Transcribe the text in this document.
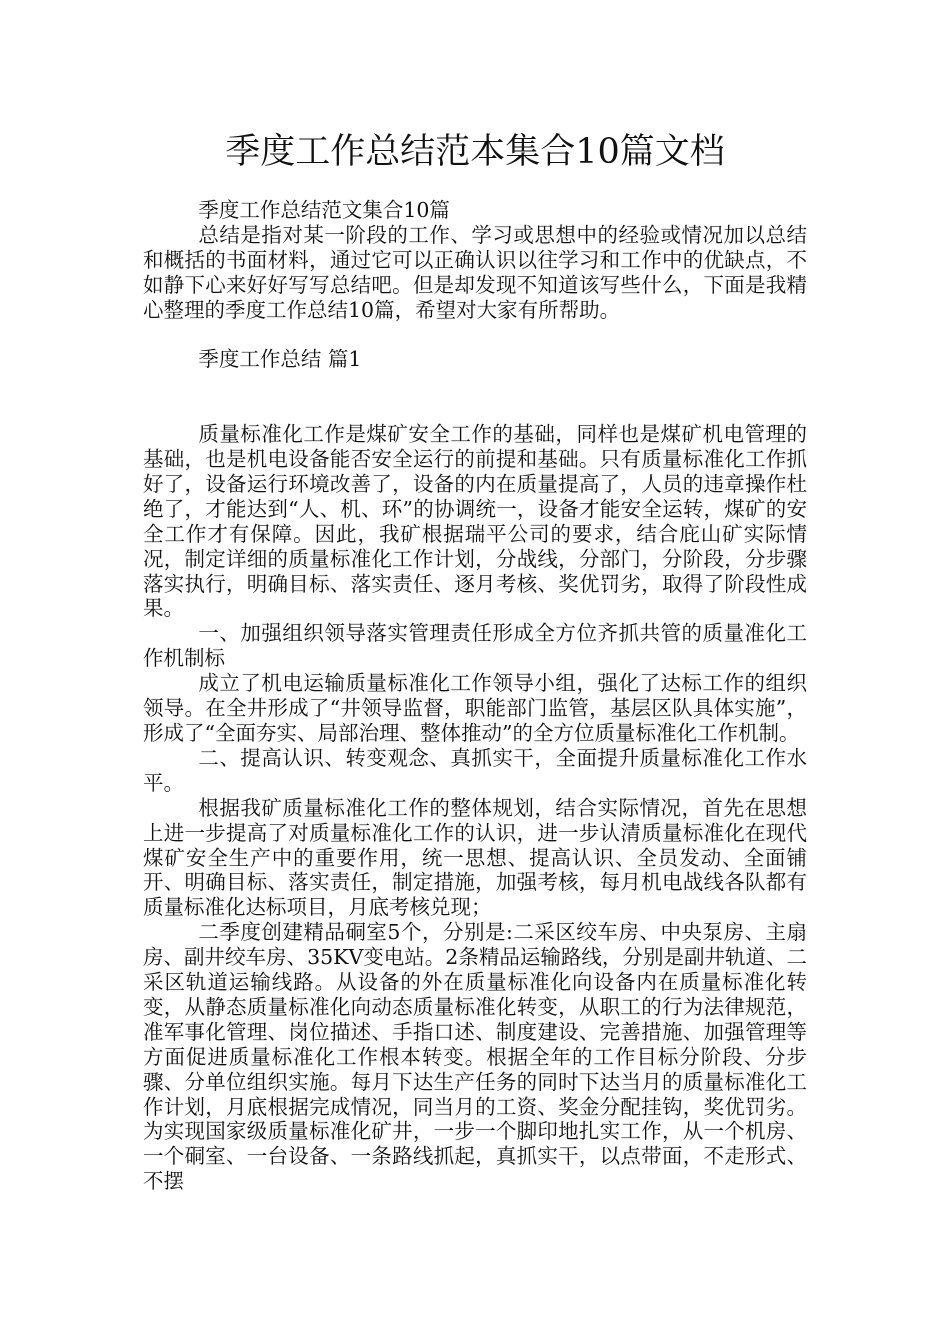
季度工作总结范本集合10篇文档

季度工作总结范文集合10篇

总结是指对某一阶段的工作、学习或思想中的经验或情况加以总结和概括的书面材料，通过它可以正确认识以往学习和工作中的优缺点，不如静下心来好好写写总结吧。但是却发现不知道该写些什么，下面是我精心整理的季度工作总结10篇，希望对大家有所帮助。

季度工作总结 篇1

质量标准化工作是煤矿安全工作的基础，同样也是煤矿机电管理的基础，也是机电设备能否安全运行的前提和基础。只有质量标准化工作抓好了，设备运行环境改善了，设备的内在质量提高了，人员的违章操作杜绝了，才能达到“人、机、环”的协调统一，设备才能安全运转，煤矿的安全工作才有保障。因此，我矿根据瑞平公司的要求，结合庇山矿实际情况，制定详细的质量标准化工作计划，分战线，分部门，分阶段，分步骤落实执行，明确目标、落实责任、逐月考核、奖优罚劣，取得了阶段性成果。

一、加强组织领导落实管理责任形成全方位齐抓共管的质量准化工作机制标

成立了机电运输质量标准化工作领导小组，强化了达标工作的组织领导。在全井形成了“井领导监督，职能部门监管，基层区队具体实施”，形成了“全面夯实、局部治理、整体推动”的全方位质量标准化工作机制。

二、提高认识、转变观念、真抓实干，全面提升质量标准化工作水平。

根据我矿质量标准化工作的整体规划，结合实际情况，首先在思想上进一步提高了对质量标准化工作的认识，进一步认清质量标准化在现代煤矿安全生产中的重要作用，统一思想、提高认识、全员发动、全面铺开、明确目标、落实责任，制定措施，加强考核，每月机电战线各队都有质量标准化达标项目，月底考核兑现；

二季度创建精品硐室5个，分别是:二采区绞车房、中央泵房、主扇房、副井绞车房、35KV变电站。2条精品运输路线，分别是副井轨道、二采区轨道运输线路。从设备的外在质量标准化向设备内在质量标准化转变，从静态质量标准化向动态质量标准化转变，从职工的行为法律规范，准军事化管理、岗位描述、手指口述、制度建设、完善措施、加强管理等方面促进质量标准化工作根本转变。根据全年的工作目标分阶段、分步骤、分单位组织实施。每月下达生产任务的同时下达当月的质量标准化工作计划，月底根据完成情况，同当月的工资、奖金分配挂钩，奖优罚劣。为实现国家级质量标准化矿井，一步一个脚印地扎实工作，从一个机房、一个硐室、一台设备、一条路线抓起，真抓实干，以点带面，不走形式、不摆
